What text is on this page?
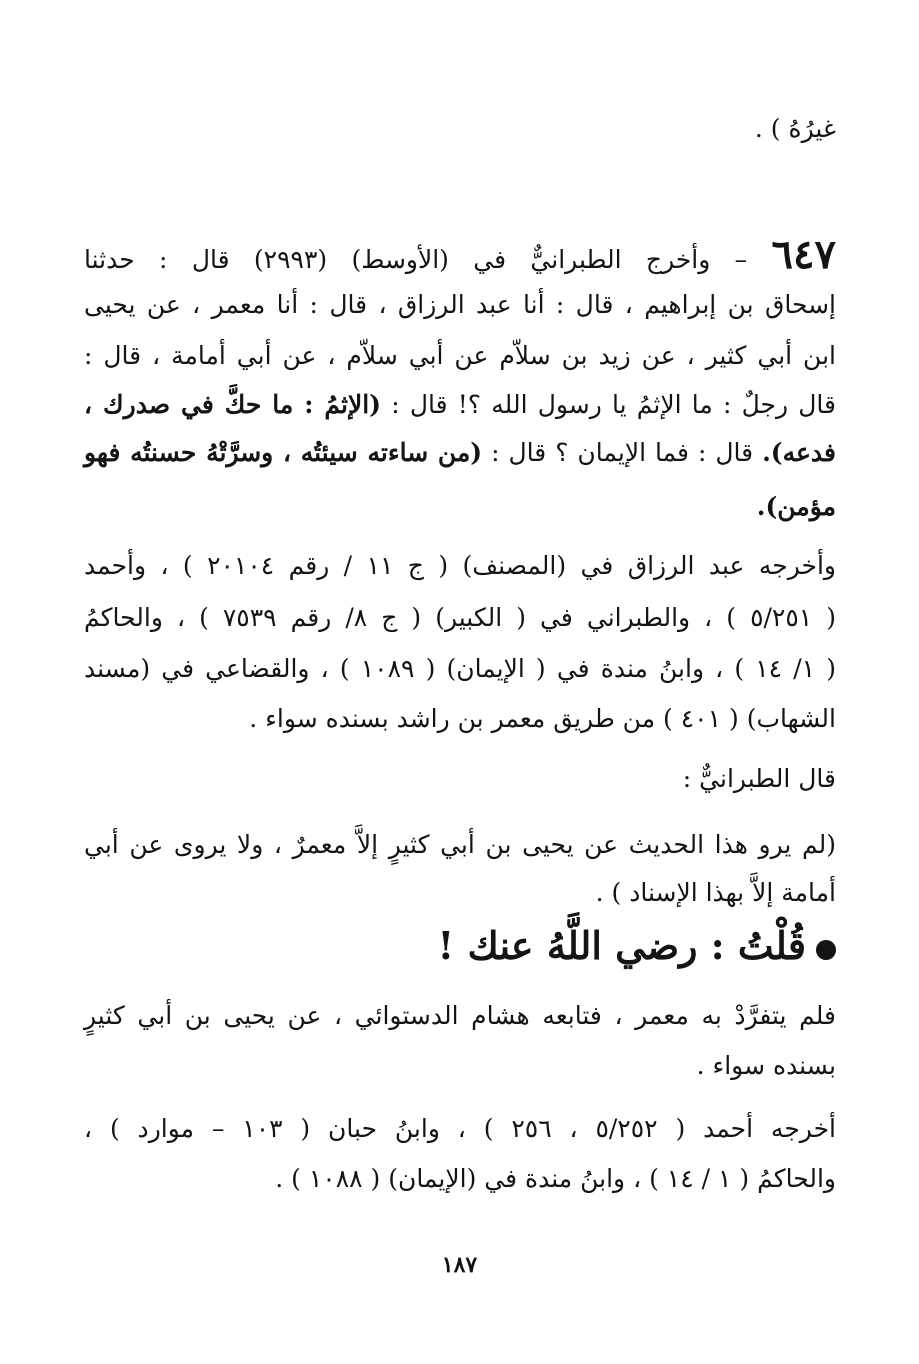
غيرُهُ ) .
٦٤٧ – وأخرج الطبرانيٌّ في (الأوسط) (٢٩٩٣) قال : حدثنا
إسحاق بن إبراهيم ، قال : أنا عبد الرزاق ، قال : أنا معمر ، عن يحيى
ابن أبي كثير ، عن زيد بن سلاّم عن أبي سلاّم ، عن أبي أمامة ، قال :
قال رجلٌ : ما الإثمُ يا رسول الله ؟! قال : (الإثمُ : ما حكَّ في صدرك ،
فدعه). قال : فما الإيمان ؟ قال : (من ساءته سيئتُه ، وسرَّتْهُ حسنتُه فهو
مؤمن).
وأخرجه عبد الرزاق في (المصنف) ( ج ١١ / رقم ٢٠١٠٤ ) ، وأحمد
( ٥/٢٥١ ) ، والطبراني في ( الكبير) ( ج ٨/ رقم ٧٥٣٩ ) ، والحاكمُ
( ١/ ١٤ ) ، وابنُ مندة في ( الإيمان) ( ١٠٨٩ ) ، والقضاعي في (مسند
الشهاب) ( ٤٠١ ) من طريق معمر بن راشد بسنده سواء .
قال الطبرانيٌّ :
(لم يرو هذا الحديث عن يحيى بن أبي كثيرٍ إلاَّ معمرٌ ، ولا يروى عن أبي
أمامة إلاَّ بهذا الإسناد ) .
قُلْتُ : رضي اللَّهُ عنك !
فلم يتفرَّدْ به معمر ، فتابعه هشام الدستوائي ، عن يحيى بن أبي كثيرٍ
بسنده سواء .
أخرجه أحمد ( ٥/٢٥٢ ، ٢٥٦ ) ، وابنُ حبان ( ١٠٣ – موارد ) ،
والحاكمُ ( ١ / ١٤ ) ، وابنُ مندة في (الإيمان) ( ١٠٨٨ ) .
١٨٧
